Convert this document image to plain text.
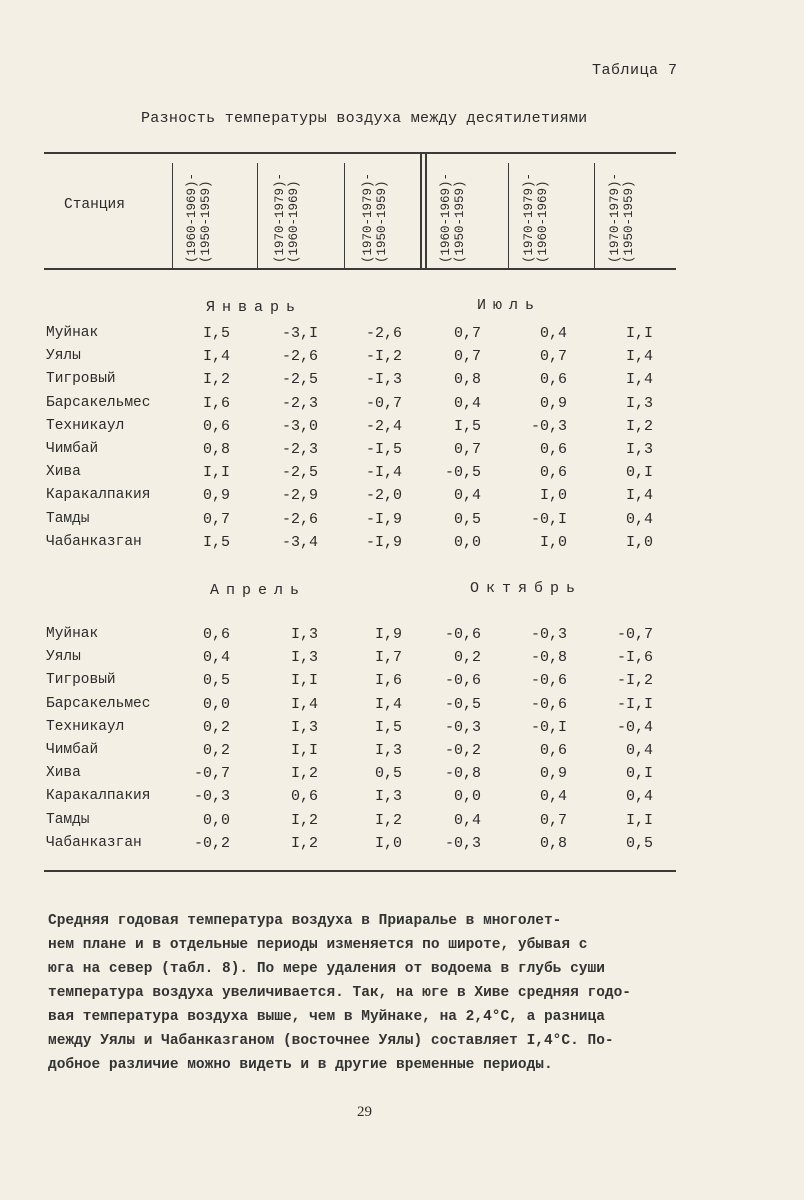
Таблица 7
Разность температуры воздуха между десятилетиями
Станция	(1960-1969)- (1950-1959)	(1970-1979)- (1960-1969)	(1970-1979)- (1950-1959)	(1960-1969)- (1950-1959)	(1970-1979)- (1960-1969)	(1970-1979)- (1950-1959)
Январь	Июль
Апрель	Октябрь
Муйнак	I,5	-3,I	-2,6	0,7	0,4	I,I
Уялы	I,4	-2,6	-I,2	0,7	0,7	I,4
Тигровый	I,2	-2,5	-I,3	0,8	0,6	I,4
Барсакельмес	I,6	-2,3	-0,7	0,4	0,9	I,3
Техникаул	0,6	-3,0	-2,4	I,5	-0,3	I,2
Чимбай	0,8	-2,3	-I,5	0,7	0,6	I,3
Хива	I,I	-2,5	-I,4	-0,5	0,6	0,I
Каракалпакия	0,9	-2,9	-2,0	0,4	I,0	I,4
Тамды	0,7	-2,6	-I,9	0,5	-0,I	0,4
Чабанказган	I,5	-3,4	-I,9	0,0	I,0	I,0
Муйнак	0,6	I,3	I,9	-0,6	-0,3	-0,7
Уялы	0,4	I,3	I,7	0,2	-0,8	-I,6
Тигровый	0,5	I,I	I,6	-0,6	-0,6	-I,2
Барсакельмес	0,0	I,4	I,4	-0,5	-0,6	-I,I
Техникаул	0,2	I,3	I,5	-0,3	-0,I	-0,4
Чимбай	0,2	I,I	I,3	-0,2	0,6	0,4
Хива	-0,7	I,2	0,5	-0,8	0,9	0,I
Каракалпакия	-0,3	0,6	I,3	0,0	0,4	0,4
Тамды	0,0	I,2	I,2	0,4	0,7	I,I
Чабанказган	-0,2	I,2	I,0	-0,3	0,8	0,5
Средняя годовая температура воздуха в Приаралье в многолет-
нем плане и в отдельные периоды изменяется по широте, убывая с
юга на север (табл. 8). По мере удаления от водоема в глубь суши
температура воздуха увеличивается. Так, на юге в Хиве средняя годо-
вая температура воздуха выше, чем в Муйнаке, на 2,4°С, а разница
между Уялы и Чабанказганом (восточнее Уялы) составляет I,4°С. По-
добное различие можно видеть и в другие временные периоды.
29
